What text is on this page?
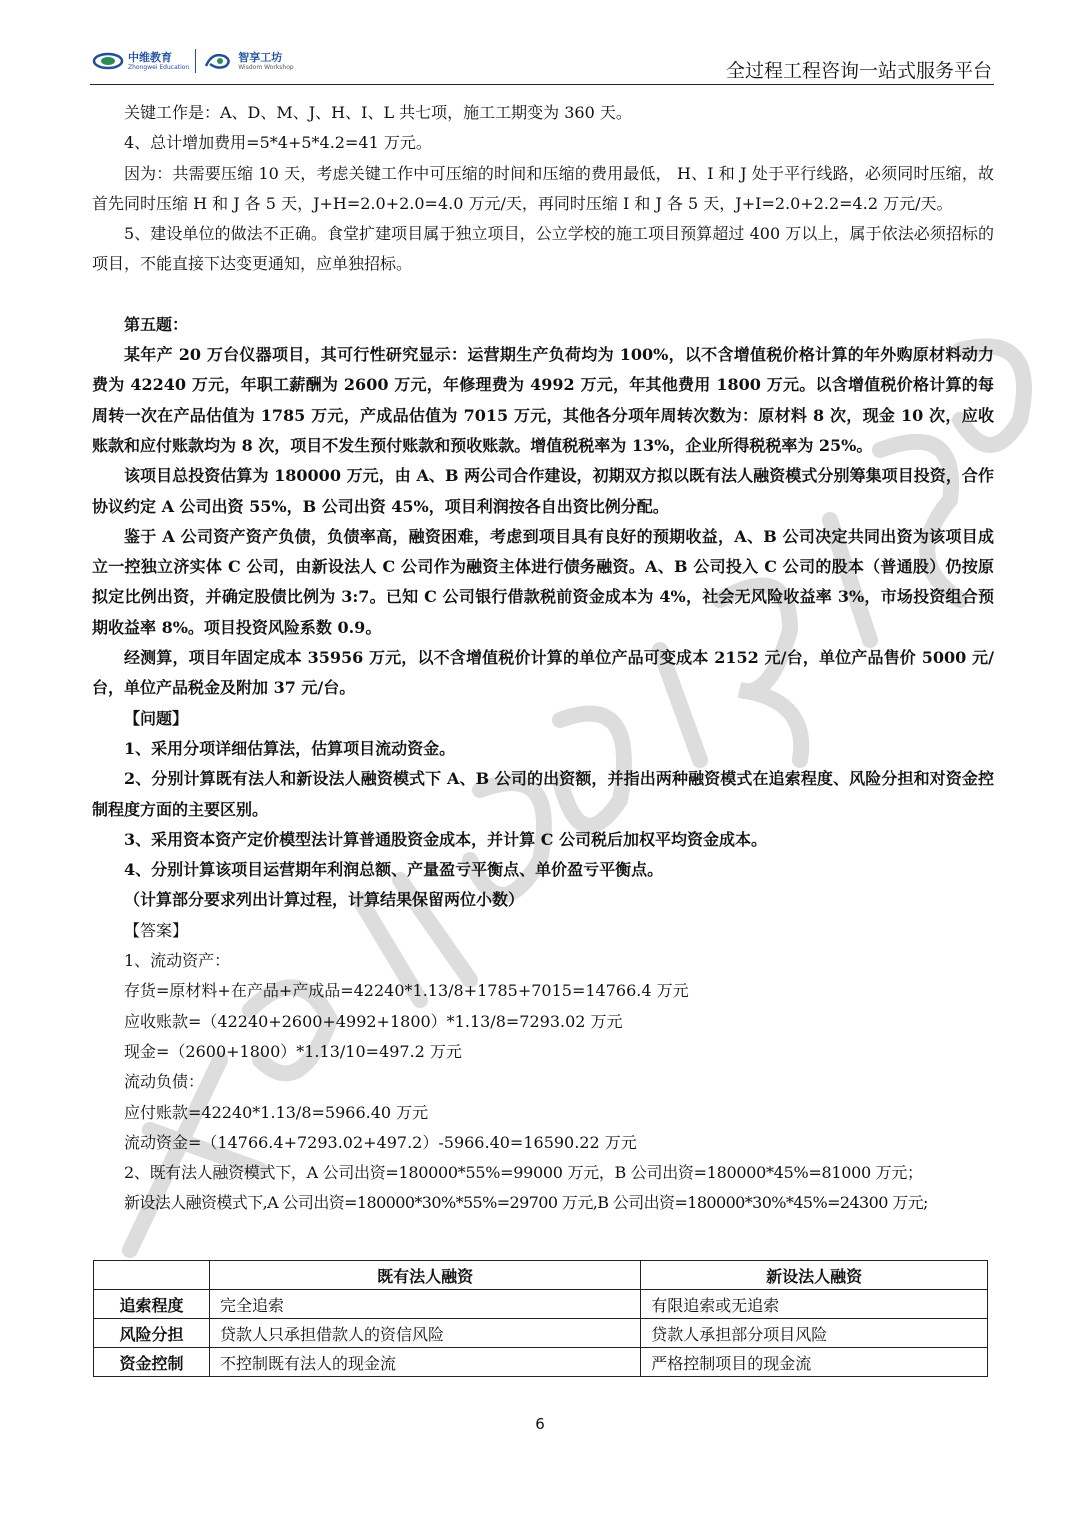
中维教育
Zhongwei Education
智享工坊
Wisdom Workshop	全过程工程咨询一站式服务平台

关键工作是：A、D、M、J、H、I、L 共七项，施工工期变为 360 天。

4、总计增加费用=5*4+5*4.2=41 万元。

因为：共需要压缩 10 天，考虑关键工作中可压缩的时间和压缩的费用最低， H、I 和 J 处于平行线路，必须同时压缩，故首先同时压缩 H 和 J 各 5 天，J+H=2.0+2.0=4.0 万元/天，再同时压缩 I 和 J 各 5 天，J+I=2.0+2.2=4.2 万元/天。

5、建设单位的做法不正确。食堂扩建项目属于独立项目，公立学校的施工项目预算超过 400 万以上，属于依法必须招标的项目，不能直接下达变更通知，应单独招标。

第五题：

某年产 20 万台仪器项目，其可行性研究显示：运营期生产负荷均为 100%，以不含增值税价格计算的年外购原材料动力费为 42240 万元，年职工薪酬为 2600 万元，年修理费为 4992 万元，年其他费用 1800 万元。以含增值税价格计算的每周转一次在产品估值为 1785 万元，产成品估值为 7015 万元，其他各分项年周转次数为：原材料 8 次，现金 10 次，应收账款和应付账款均为 8 次，项目不发生预付账款和预收账款。增值税税率为 13%，企业所得税税率为 25%。

该项目总投资估算为 180000 万元，由 A、B 两公司合作建设，初期双方拟以既有法人融资模式分别筹集项目投资，合作协议约定 A 公司出资 55%，B 公司出资 45%，项目利润按各自出资比例分配。

鉴于 A 公司资产资产负债，负债率高，融资困难，考虑到项目具有良好的预期收益，A、B 公司决定共同出资为该项目成立一控独立济实体 C 公司，由新设法人 C 公司作为融资主体进行债务融资。A、B 公司投入 C 公司的股本（普通股）仍按原拟定比例出资，并确定股债比例为 3:7。已知 C 公司银行借款税前资金成本为 4%，社会无风险收益率 3%，市场投资组合预期收益率 8%。项目投资风险系数 0.9。

经测算，项目年固定成本 35956 万元，以不含增值税价计算的单位产品可变成本 2152 元/台，单位产品售价 5000 元/台，单位产品税金及附加 37 元/台。

【问题】

1、采用分项详细估算法，估算项目流动资金。

2、分别计算既有法人和新设法人融资模式下 A、B 公司的出资额，并指出两种融资模式在追索程度、风险分担和对资金控制程度方面的主要区别。

3、采用资本资产定价模型法计算普通股资金成本，并计算 C 公司税后加权平均资金成本。

4、分别计算该项目运营期年利润总额、产量盈亏平衡点、单价盈亏平衡点。

（计算部分要求列出计算过程，计算结果保留两位小数）

【答案】

1、流动资产：

存货=原材料+在产品+产成品=42240*1.13/8+1785+7015=14766.4 万元

应收账款=（42240+2600+4992+1800）*1.13/8=7293.02 万元

现金=（2600+1800）*1.13/10=497.2 万元

流动负债：

应付账款=42240*1.13/8=5966.40 万元

流动资金=（14766.4+7293.02+497.2）-5966.40=16590.22 万元

2、既有法人融资模式下，A 公司出资=180000*55%=99000 万元，B 公司出资=180000*45%=81000 万元；

新设法人融资模式下,A 公司出资=180000*30%*55%=29700 万元,B 公司出资=180000*30%*45%=24300 万元;

	既有法人融资	新设法人融资
追索程度	完全追索	有限追索或无追索
风险分担	贷款人只承担借款人的资信风险	贷款人承担部分项目风险
资金控制	不控制既有法人的现金流	严格控制项目的现金流
6
